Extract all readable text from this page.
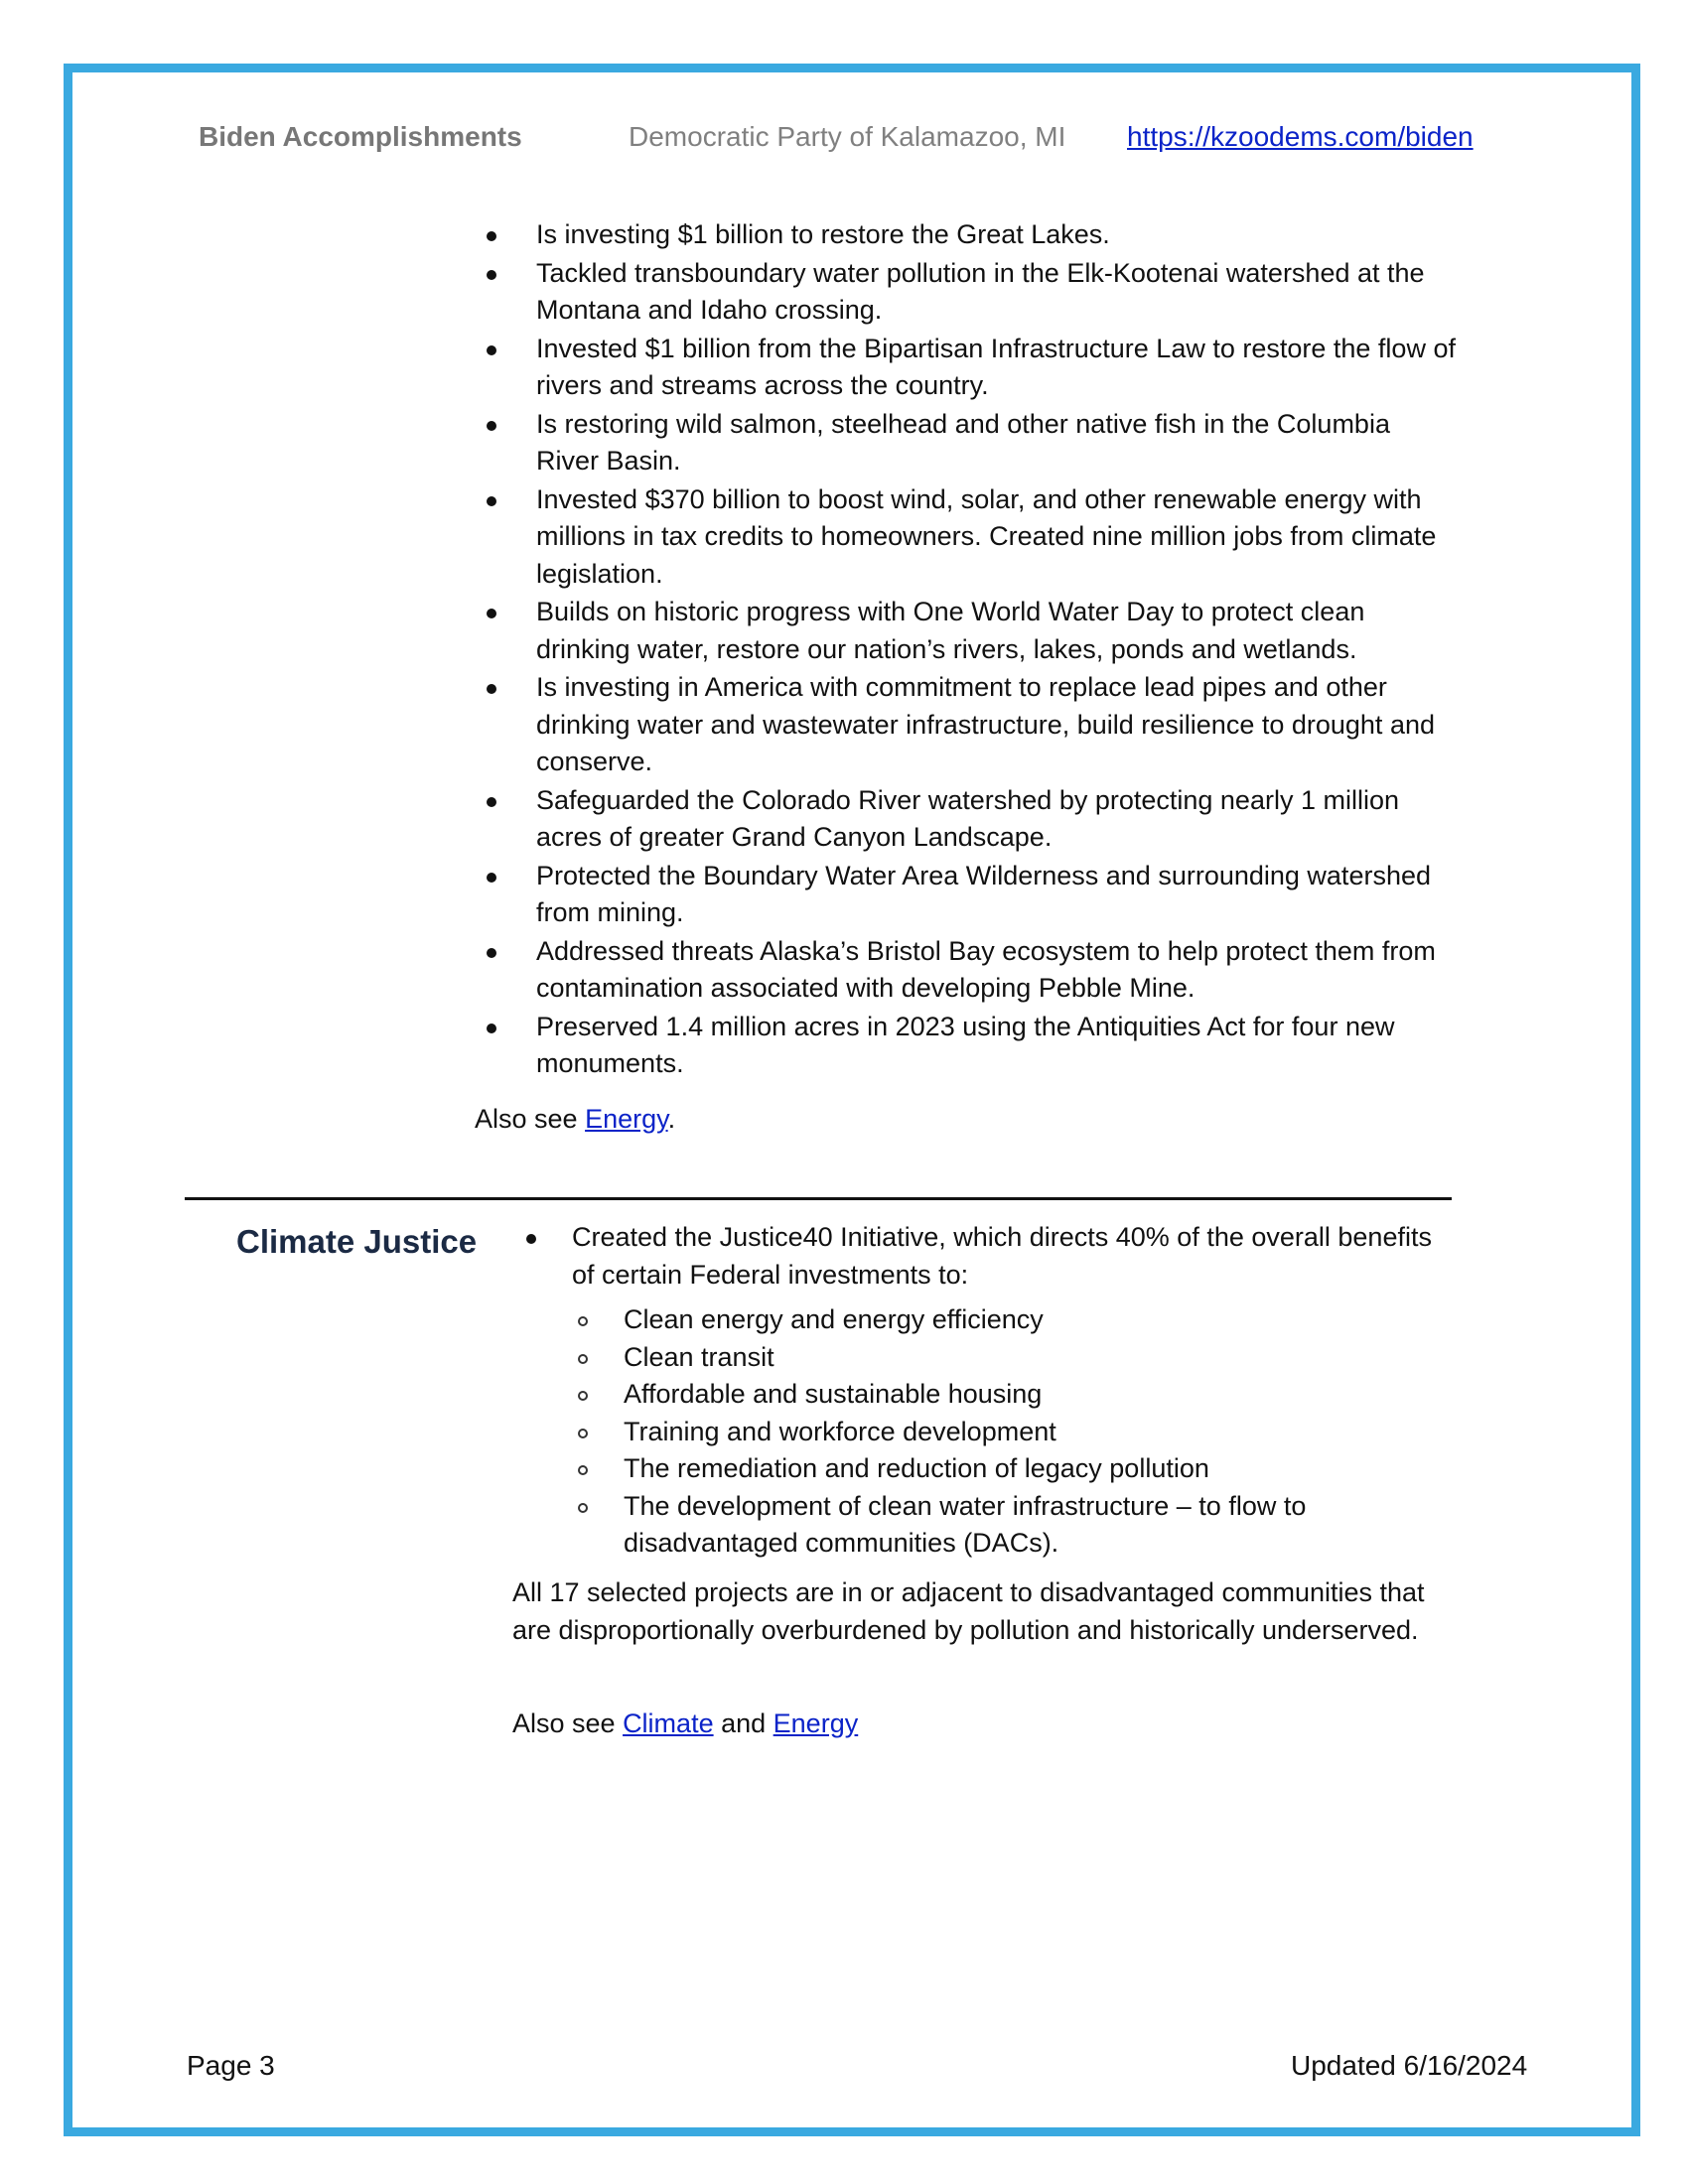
Biden Accomplishments	Democratic Party of Kalamazoo, MI https://kzoodems.com/biden
Is investing $1 billion to restore the Great Lakes.
Tackled transboundary water pollution in the Elk-Kootenai watershed at the Montana and Idaho crossing.
Invested $1 billion from the Bipartisan Infrastructure Law to restore the flow of rivers and streams across the country.
Is restoring wild salmon, steelhead and other native fish in the Columbia River Basin.
Invested $370 billion to boost wind, solar, and other renewable energy with millions in tax credits to homeowners. Created nine million jobs from climate legislation.
Builds on historic progress with One World Water Day to protect clean drinking water, restore our nation’s rivers, lakes, ponds and wetlands.
Is investing in America with commitment to replace lead pipes and other drinking water and wastewater infrastructure, build resilience to drought and conserve.
Safeguarded the Colorado River watershed by protecting nearly 1 million acres of greater Grand Canyon Landscape.
Protected the Boundary Water Area Wilderness and surrounding watershed from mining.
Addressed threats Alaska’s Bristol Bay ecosystem to help protect them from contamination associated with developing Pebble Mine.
Preserved 1.4 million acres in 2023 using the Antiquities Act for four new monuments.
Also see Energy.
Climate Justice	Created the Justice40 Initiative, which directs 40% of the overall benefits of certain Federal investments to:
Clean energy and energy efficiency
Clean transit
Affordable and sustainable housing
Training and workforce development
The remediation and reduction of legacy pollution
The development of clean water infrastructure – to flow to disadvantaged communities (DACs).
All 17 selected projects are in or adjacent to disadvantaged communities that are disproportionally overburdened by pollution and historically underserved.
Also see Climate and Energy
Page 3	Updated 6/16/2024
